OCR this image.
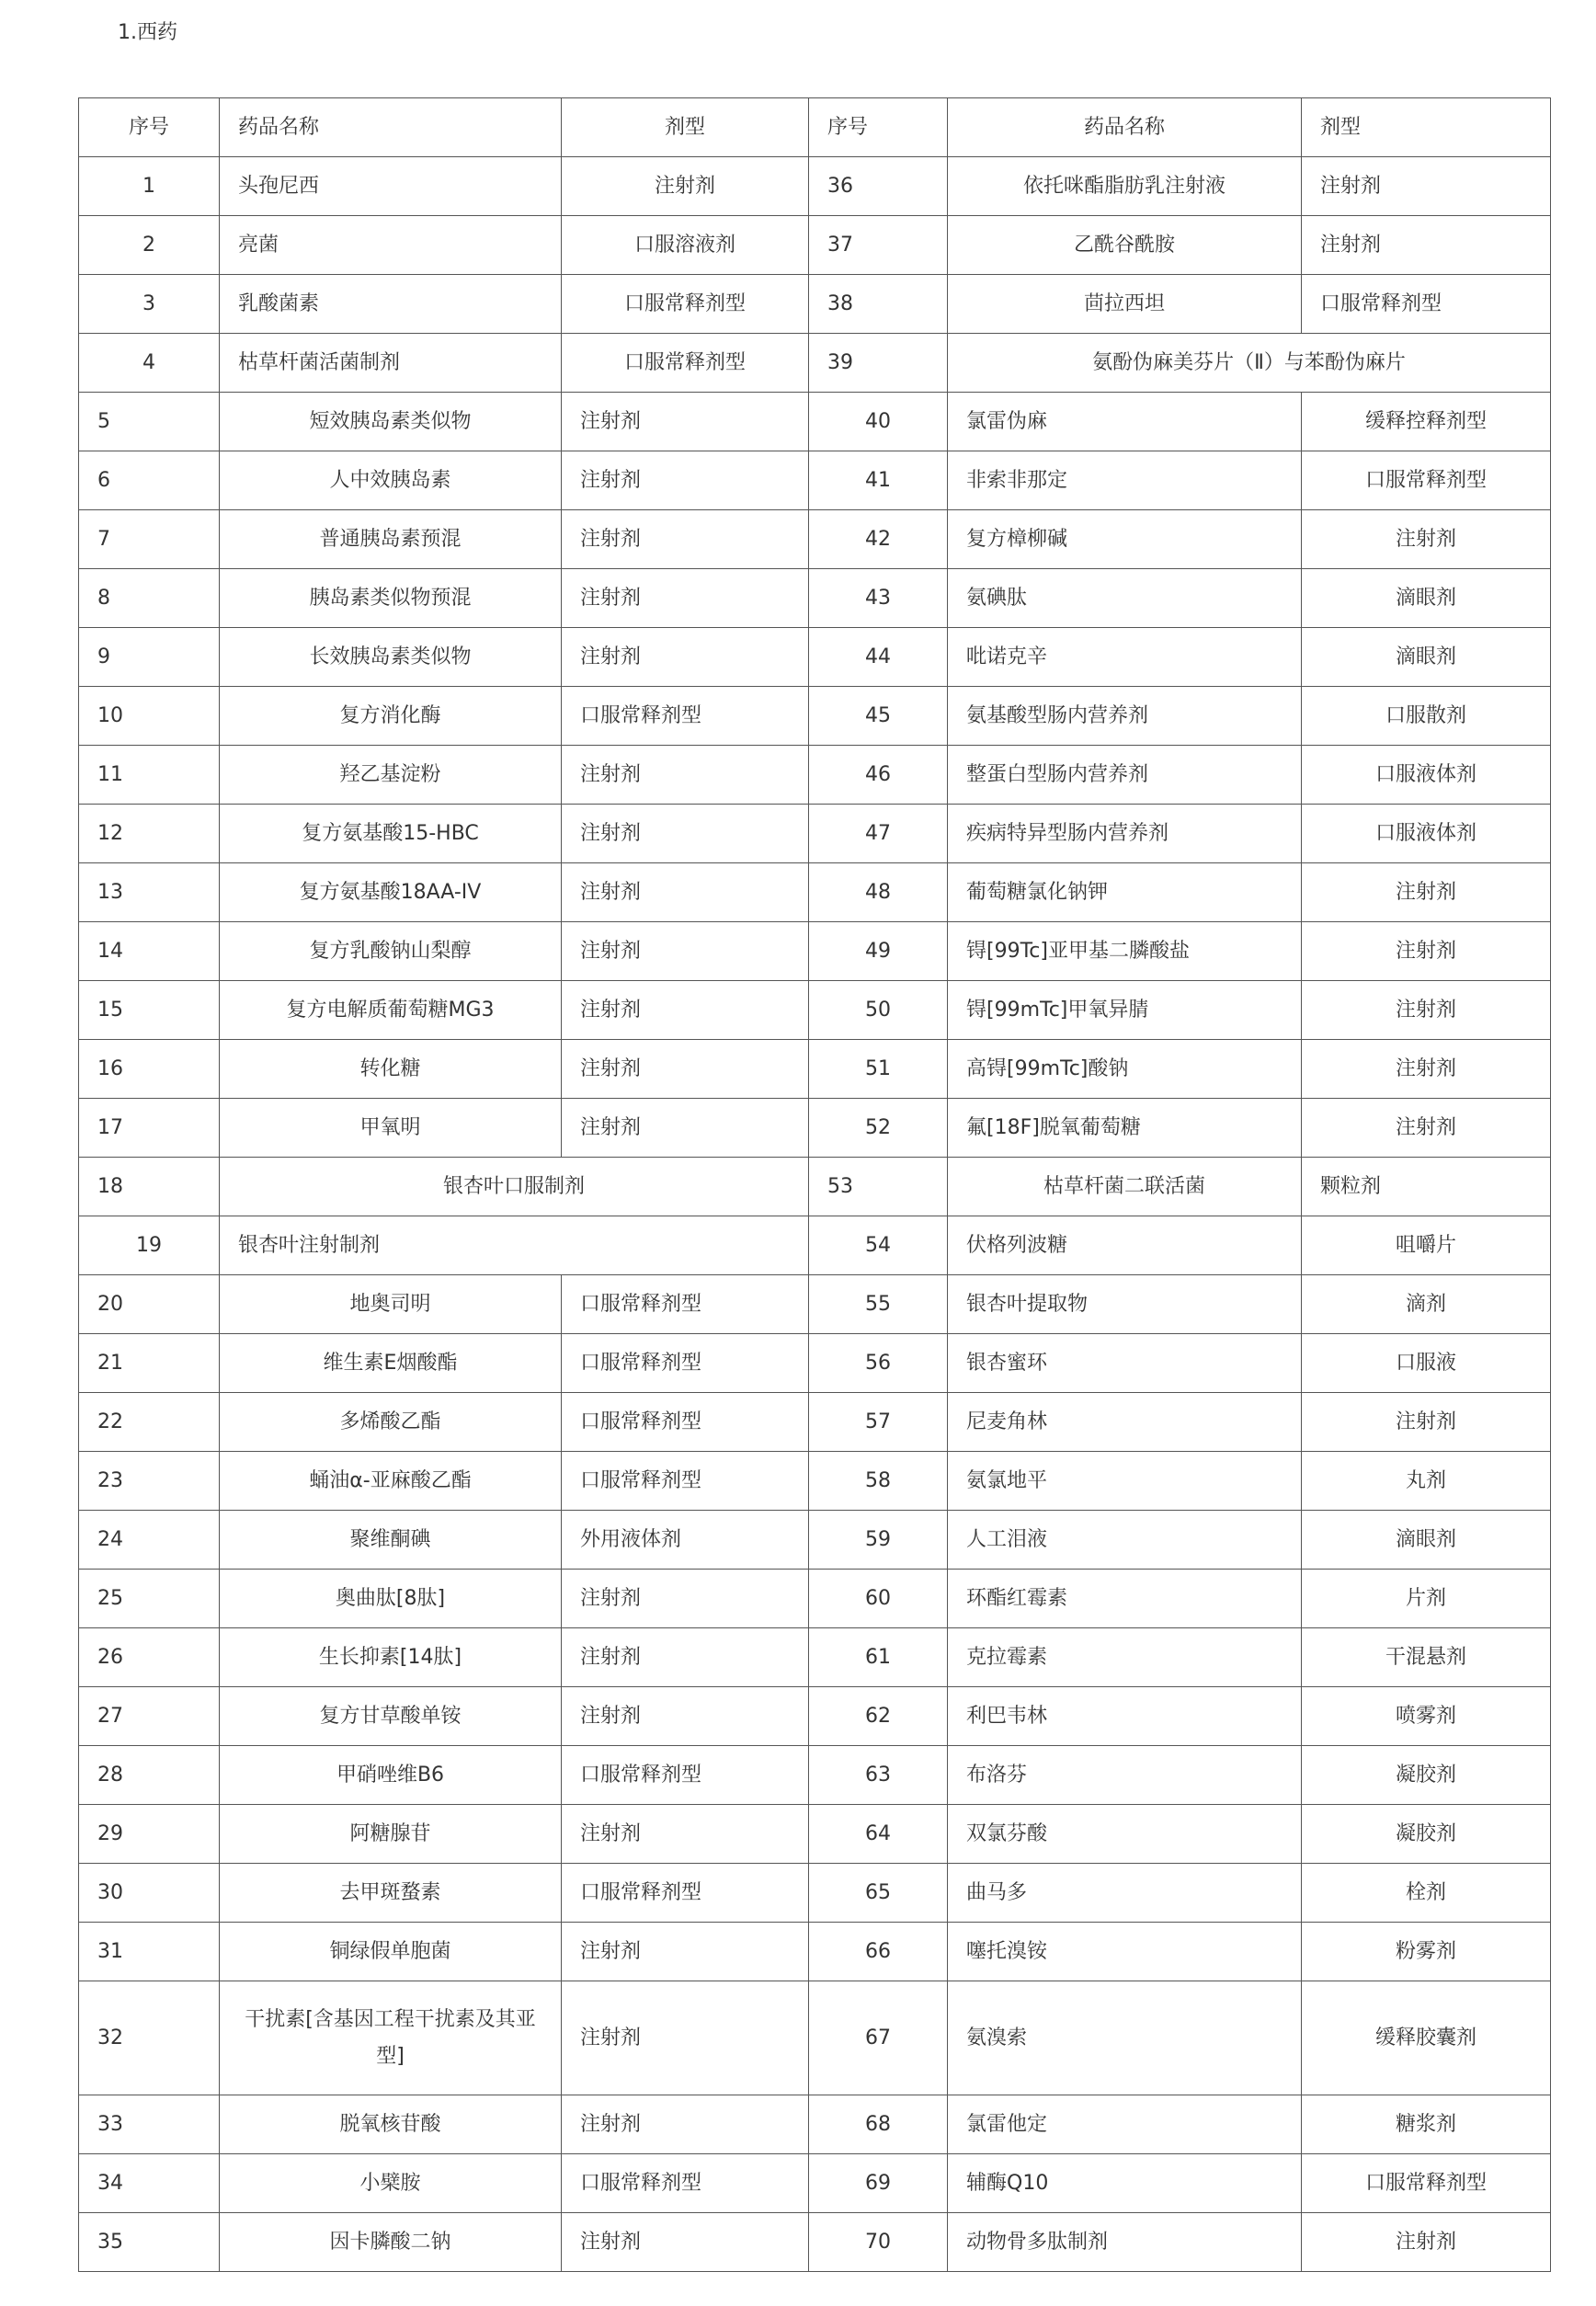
1.西药
序号	药品名称	剂型	序号	药品名称	剂型
1	头孢尼西	注射剂	36	依托咪酯脂肪乳注射液	注射剂
2	亮菌	口服溶液剂	37	乙酰谷酰胺	注射剂
3	乳酸菌素	口服常释剂型	38	茴拉西坦	口服常释剂型
4	枯草杆菌活菌制剂	口服常释剂型	39	氨酚伪麻美芬片（Ⅱ）与苯酚伪麻片	
5	短效胰岛素类似物	注射剂	40	氯雷伪麻	缓释控释剂型
6	人中效胰岛素	注射剂	41	非索非那定	口服常释剂型
7	普通胰岛素预混	注射剂	42	复方樟柳碱	注射剂
8	胰岛素类似物预混	注射剂	43	氨碘肽	滴眼剂
9	长效胰岛素类似物	注射剂	44	吡诺克辛	滴眼剂
10	复方消化酶	口服常释剂型	45	氨基酸型肠内营养剂	口服散剂
11	羟乙基淀粉	注射剂	46	整蛋白型肠内营养剂	口服液体剂
12	复方氨基酸15-HBC	注射剂	47	疾病特异型肠内营养剂	口服液体剂
13	复方氨基酸18AA-IV	注射剂	48	葡萄糖氯化钠钾	注射剂
14	复方乳酸钠山梨醇	注射剂	49	锝[99Tc]亚甲基二膦酸盐	注射剂
15	复方电解质葡萄糖MG3	注射剂	50	锝[99mTc]甲氧异腈	注射剂
16	转化糖	注射剂	51	高锝[99mTc]酸钠	注射剂
17	甲氧明	注射剂	52	氟[18F]脱氧葡萄糖	注射剂
18	银杏叶口服制剂		53	枯草杆菌二联活菌	颗粒剂
19	银杏叶注射制剂		54	伏格列波糖	咀嚼片
20	地奥司明	口服常释剂型	55	银杏叶提取物	滴剂
21	维生素E烟酸酯	口服常释剂型	56	银杏蜜环	口服液
22	多烯酸乙酯	口服常释剂型	57	尼麦角林	注射剂
23	蛹油α-亚麻酸乙酯	口服常释剂型	58	氨氯地平	丸剂
24	聚维酮碘	外用液体剂	59	人工泪液	滴眼剂
25	奥曲肽[8肽]	注射剂	60	环酯红霉素	片剂
26	生长抑素[14肽]	注射剂	61	克拉霉素	干混悬剂
27	复方甘草酸单铵	注射剂	62	利巴韦林	喷雾剂
28	甲硝唑维B6	口服常释剂型	63	布洛芬	凝胶剂
29	阿糖腺苷	注射剂	64	双氯芬酸	凝胶剂
30	去甲斑蝥素	口服常释剂型	65	曲马多	栓剂
31	铜绿假单胞菌	注射剂	66	噻托溴铵	粉雾剂
32	干扰素[含基因工程干扰素及其亚型]	注射剂	67	氨溴索	缓释胶囊剂
33	脱氧核苷酸	注射剂	68	氯雷他定	糖浆剂
34	小檗胺	口服常释剂型	69	辅酶Q10	口服常释剂型
35	因卡膦酸二钠	注射剂	70	动物骨多肽制剂	注射剂
